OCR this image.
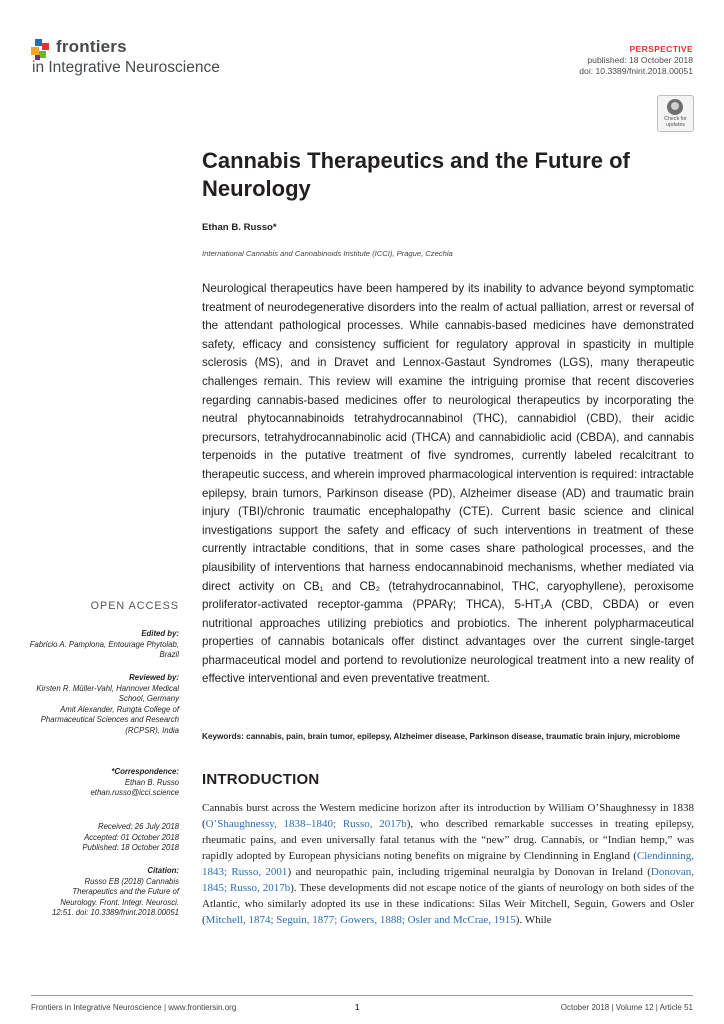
frontiers
in Integrative Neuroscience
PERSPECTIVE
published: 18 October 2018
doi: 10.3389/fnint.2018.00051
Check for updates
Cannabis Therapeutics and the Future of Neurology
Ethan B. Russo*
International Cannabis and Cannabinoids Institute (ICCI), Prague, Czechia
Neurological therapeutics have been hampered by its inability to advance beyond symptomatic treatment of neurodegenerative disorders into the realm of actual palliation, arrest or reversal of the attendant pathological processes. While cannabis-based medicines have demonstrated safety, efficacy and consistency sufficient for regulatory approval in spasticity in multiple sclerosis (MS), and in Dravet and Lennox-Gastaut Syndromes (LGS), many therapeutic challenges remain. This review will examine the intriguing promise that recent discoveries regarding cannabis-based medicines offer to neurological therapeutics by incorporating the neutral phytocannabinoids tetrahydrocannabinol (THC), cannabidiol (CBD), their acidic precursors, tetrahydrocannabinolic acid (THCA) and cannabidiolic acid (CBDA), and cannabis terpenoids in the putative treatment of five syndromes, currently labeled recalcitrant to therapeutic success, and wherein improved pharmacological intervention is required: intractable epilepsy, brain tumors, Parkinson disease (PD), Alzheimer disease (AD) and traumatic brain injury (TBI)/chronic traumatic encephalopathy (CTE). Current basic science and clinical investigations support the safety and efficacy of such interventions in treatment of these currently intractable conditions, that in some cases share pathological processes, and the plausibility of interventions that harness endocannabinoid mechanisms, whether mediated via direct activity on CB₁ and CB₂ (tetrahydrocannabinol, THC, caryophyllene), peroxisome proliferator-activated receptor-gamma (PPARγ; THCA), 5-HT₁A (CBD, CBDA) or even nutritional approaches utilizing prebiotics and probiotics. The inherent polypharmaceutical properties of cannabis botanicals offer distinct advantages over the current single-target pharmaceutical model and portend to revolutionize neurological treatment into a new reality of effective interventional and even preventative treatment.
Keywords: cannabis, pain, brain tumor, epilepsy, Alzheimer disease, Parkinson disease, traumatic brain injury, microbiome
INTRODUCTION
Cannabis burst across the Western medicine horizon after its introduction by William O’Shaughnessy in 1838 (O’Shaughnessy, 1838–1840; Russo, 2017b), who described remarkable successes in treating epilepsy, rheumatic pains, and even universally fatal tetanus with the “new” drug. Cannabis, or “Indian hemp,” was rapidly adopted by European physicians noting benefits on migraine by Clendinning in England (Clendinning, 1843; Russo, 2001) and neuropathic pain, including trigeminal neuralgia by Donovan in Ireland (Donovan, 1845; Russo, 2017b). These developments did not escape notice of the giants of neurology on both sides of the Atlantic, who similarly adopted its use in these indications: Silas Weir Mitchell, Seguin, Gowers and Osler (Mitchell, 1874; Seguin, 1877; Gowers, 1888; Osler and McCrae, 1915). While
OPEN ACCESS
Edited by:
Fabricio A. Pamplona, Entourage Phytolab, Brazil
Reviewed by:
Kirsten R. Müller-Vahl, Hannover Medical School, Germany
Amit Alexander, Rungta College of Pharmaceutical Sciences and Research (RCPSR), India
*Correspondence:
Ethan B. Russo
ethan.russo@icci.science
Received: 26 July 2018
Accepted: 01 October 2018
Published: 18 October 2018
Citation:
Russo EB (2018) Cannabis Therapeutics and the Future of Neurology. Front. Integr. Neurosci. 12:51. doi: 10.3389/fnint.2018.00051
Frontiers in Integrative Neuroscience | www.frontiersin.org	1	October 2018 | Volume 12 | Article 51
